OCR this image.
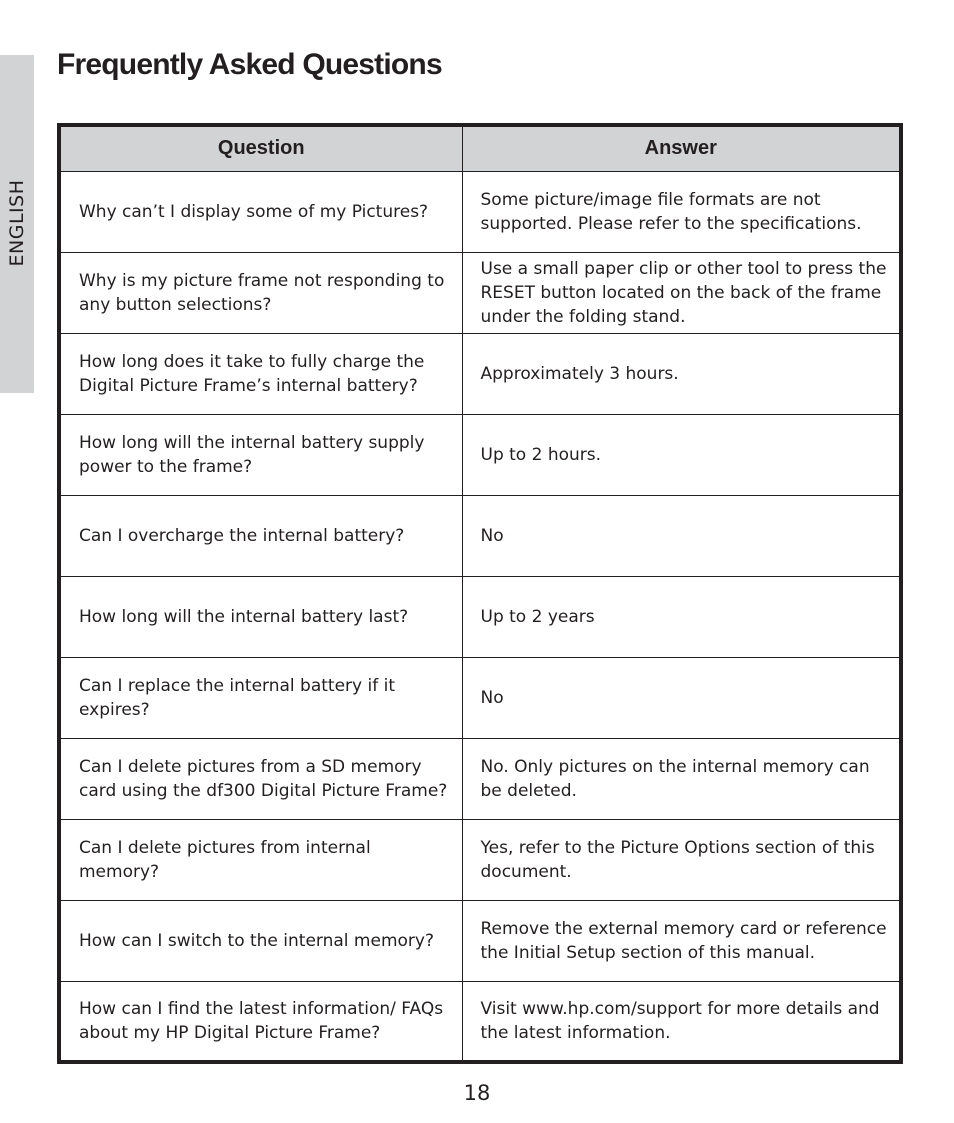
ENGLISH
Frequently Asked Questions
Question	Answer
Why can’t I display some of my Pictures?	Some picture/image file formats are not supported. Please refer to the specifications.
Why is my picture frame not responding to any button selections?	Use a small paper clip or other tool to press the RESET button located on the back of the frame under the folding stand.
How long does it take to fully charge the Digital Picture Frame’s internal battery?	Approximately 3 hours.
How long will the internal battery supply power to the frame?	Up to 2 hours.
Can I overcharge the internal battery?	No
How long will the internal battery last?	Up to 2 years
Can I replace the internal battery if it expires?	No
Can I delete pictures from a SD memory card using the df300 Digital Picture Frame?	No. Only pictures on the internal memory can be deleted.
Can I delete pictures from internal memory?	Yes, refer to the Picture Options section of this document.
How can I switch to the internal memory?	Remove the external memory card or reference the Initial Setup section of this manual.
How can I find the latest information/ FAQs about my HP Digital Picture Frame?	Visit www.hp.com/support for more details and the latest information.
18
